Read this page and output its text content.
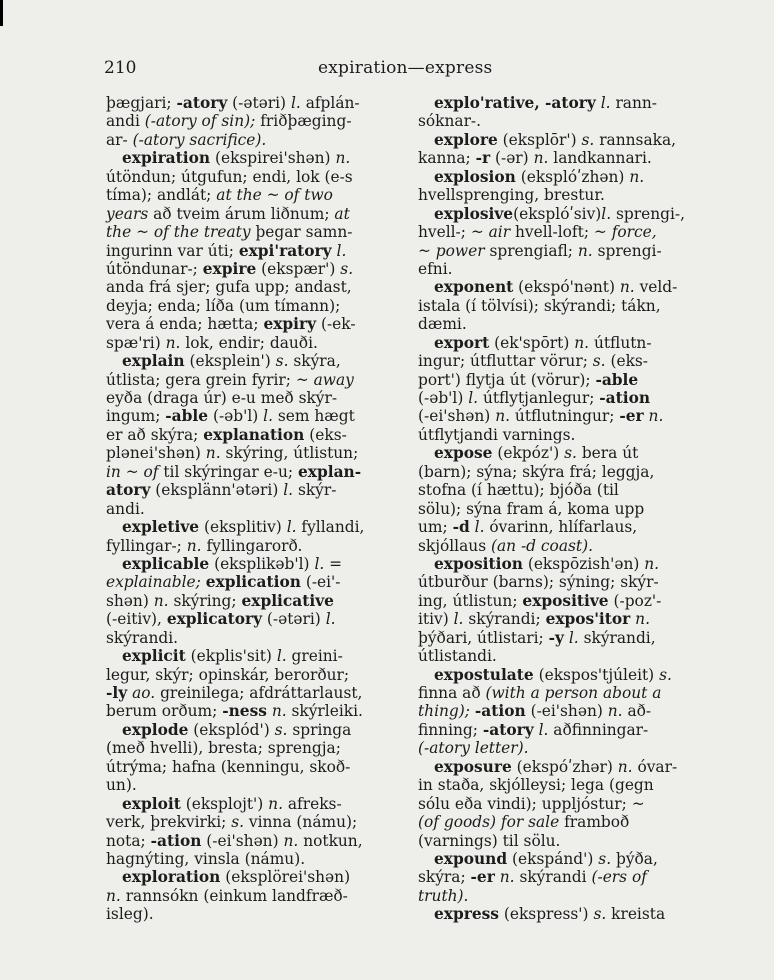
210	expiration—express
þægjari; -atory (-ətəri) l. afplán-
andi (-atory of sin); friðþæging-
ar- (-atory sacrifice).
expiration (ekspirei'shən) n.
útöndun; útgufun; endi, lok (e-s
tíma); andlát; at the ~ of two
years að tveim árum liðnum; at
the ~ of the treaty þegar samn-
ingurinn var úti; expi'ratory l.
útöndunar-; expire (ekspær') s.
anda frá sjer; gufa upp; andast,
deyja; enda; líða (um tímann);
vera á enda; hætta; expiry (-ek-
spæ'ri) n. lok, endir; dauði.
explain (eksplein') s. skýra,
útlista; gera grein fyrir; ~ away
eyða (draga úr) e-u með skýr-
ingum; -able (-əb'l) l. sem hægt
er að skýra; explanation (eks-
plənei'shən) n. skýring, útlistun;
in ~ of til skýringar e-u; explan-
atory (eksplänn'ətəri) l. skýr-
andi.
expletive (eksplitiv) l. fyllandi,
fyllingar-; n. fyllingarorð.
explicable (eksplikəb'l) l. =
explainable; explication (-ei'-
shən) n. skýring; explicative
(-eitiv), explicatory (-ətəri) l.
skýrandi.
explicit (ekplis'sit) l. greini-
legur, skýr; opinskár, berorður;
-ly ao. greinilega; afdráttarlaust,
berum orðum; -ness n. skýrleiki.
explode (eksplód') s. springa
(með hvelli), bresta; sprengja;
útrýma; hafna (kenningu, skoð-
un).
exploit (eksplojt') n. afreks-
verk, þrekvirki; s. vinna (námu);
nota; -ation (-ei'shən) n. notkun,
hagnýting, vinsla (námu).
exploration (eksplörei'shən)
n. rannsókn (einkum landfræð-
isleg).
explo'rative, -atory l. rann-
sóknar-.
explore (eksplōr') s. rannsaka,
kanna; -r (-ər) n. landkannari.
explosion (eksplóʹzhən) n.
hvellsprenging, brestur.
explosive(eksplóʹsiv)l. sprengi-,
hvell-; ~ air hvell-loft; ~ force,
~ power sprengiafl; n. sprengi-
efni.
exponent (ekspó'nənt) n. veld-
istala (í tölvísi); skýrandi; tákn,
dæmi.
export (ek'spōrt) n. útflutn-
ingur; útfluttar vörur; s. (eks-
port') flytja út (vörur); -able
(-əb'l) l. útflytjanlegur; -ation
(-ei'shən) n. útflutningur; -er n.
útflytjandi varnings.
expose (ekpóz') s. bera út
(barn); sýna; skýra frá; leggja,
stofna (í hættu); bjóða (til
sölu); sýna fram á, koma upp
um; -d l. óvarinn, hlífarlaus,
skjóllaus (an -d coast).
exposition (ekspōzish'ən) n.
útburður (barns); sýning; skýr-
ing, útlistun; expositive (-poz'-
itiv) l. skýrandi; expos'itor n.
þýðari, útlistari; -y l. skýrandi,
útlistandi.
expostulate (ekspos'tjúleit) s.
finna að (with a person about a
thing); -ation (-ei'shən) n. að-
finning; -atory l. aðfinningar-
(-atory letter).
exposure (ekspóʹzhər) n. óvar-
in staða, skjólleysi; lega (gegn
sólu eða vindi); uppljóstur; ~
(of goods) for sale framboð
(varnings) til sölu.
expound (ekspánd') s. þýða,
skýra; -er n. skýrandi (-ers of
truth).
express (ekspress') s. kreista
